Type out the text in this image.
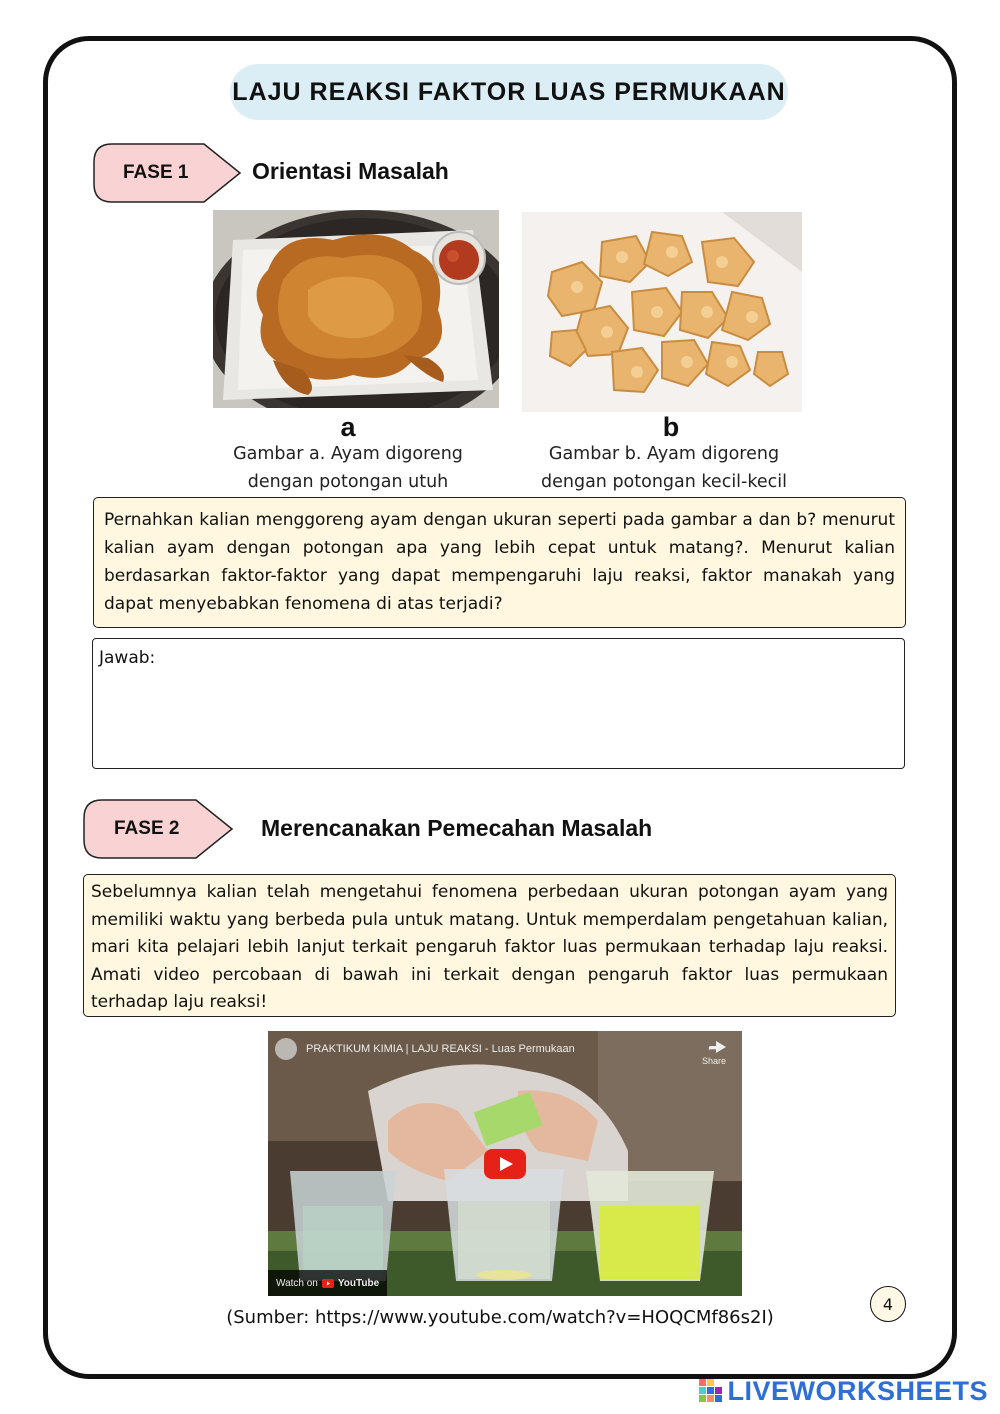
LAJU REAKSI FAKTOR LUAS PERMUKAAN
FASE 1	Orientasi Masalah
a
Gambar a. Ayam digoreng
dengan potongan utuh
b
Gambar b. Ayam digoreng
dengan potongan kecil-kecil
Pernahkan kalian menggoreng ayam dengan ukuran seperti pada gambar a dan b? menurut kalian ayam dengan potongan apa yang lebih cepat untuk matang?. Menurut kalian berdasarkan faktor-faktor yang dapat mempengaruhi laju reaksi, faktor manakah yang dapat menyebabkan fenomena di atas terjadi?
Jawab:
FASE 2	Merencanakan Pemecahan Masalah
Sebelumnya kalian telah mengetahui fenomena perbedaan ukuran potongan ayam yang memiliki waktu yang berbeda pula untuk matang. Untuk memperdalam pengetahuan kalian, mari kita pelajari lebih lanjut terkait pengaruh faktor luas permukaan terhadap laju reaksi. Amati video percobaan di bawah ini terkait dengan pengaruh faktor luas permukaan terhadap laju reaksi!
PRAKTIKUM KIMIA | LAJU REAKSI - Luas Permukaan	➦
Share
Watch on YouTube
4
(Sumber: https://www.youtube.com/watch?v=HOQCMf86s2I)
LIVEWORKSHEETS
